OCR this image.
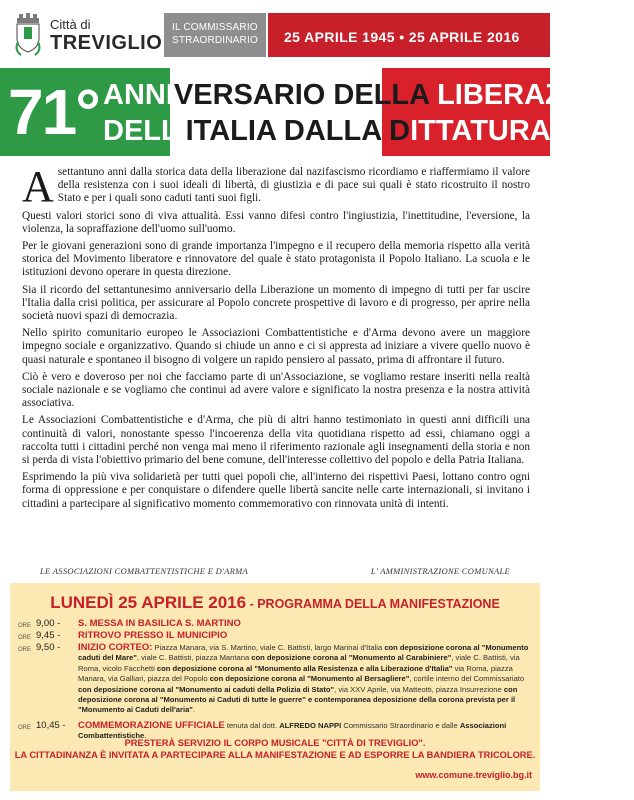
Città di
TREVIGLIO
IL COMMISSARIO
STRAORDINARIO	25 APRILE 1945 • 25 APRILE 2016
71° ANNIVERSARIO DELLA LIBERAZIONE
DELL'ITALIA DALLA DITTATURA

Asettantuno anni dalla storica data della liberazione dal nazifascismo ricordiamo e riaffermiamo il valore della resistenza con i suoi ideali di libertà, di giustizia e di pace sui quali è stato ricostruito il nostro Stato e per i quali sono caduti tanti suoi figli.

Questi valori storici sono di viva attualità. Essi vanno difesi contro l'ingiustizia, l'inettitudine, l'eversione, la violenza, la sopraffazione dell'uomo sull'uomo.

Per le giovani generazioni sono di grande importanza l'impegno e il recupero della memoria rispetto alla verità storica del Movimento liberatore e rinnovatore del quale è stato protagonista il Popolo Italiano. La scuola e le istituzioni devono operare in questa direzione.

Sia il ricordo del settantunesimo anniversario della Liberazione un momento di impegno di tutti per far uscire l'Italia dalla crisi politica, per assicurare al Popolo concrete prospettive di lavoro e di progresso, per aprire nella società nuovi spazi di democrazia.

Nello spirito comunitario europeo le Associazioni Combattentistiche e d'Arma devono avere un maggiore impegno sociale e organizzativo. Quando si chiude un anno e ci si appresta ad iniziare a vivere quello nuovo è quasi naturale e spontaneo il bisogno di volgere un rapido pensiero al passato, prima di affrontare il futuro.

Ciò è vero e doveroso per noi che facciamo parte di un'Associazione, se vogliamo restare inseriti nella realtà sociale nazionale e se vogliamo che continui ad avere valore e significato la nostra presenza e la nostra attività associativa.

Le Associazioni Combattentistiche e d'Arma, che più di altri hanno testimoniato in questi anni difficili una continuità di valori, nonostante spesso l'incoerenza della vita quotidiana rispetto ad essi, chiamano oggi a raccolta tutti i cittadini perché non venga mai meno il riferimento razionale agli insegnamenti della storia e non si perda di vista l'obiettivo primario del bene comune, dell'interesse collettivo del popolo e della Patria Italiana.

Esprimendo la più viva solidarietà per tutti quei popoli che, all'interno dei rispettivi Paesi, lottano contro ogni forma di oppressione e per conquistare o difendere quelle libertà sancite nelle carte internazionali, si invitano i cittadini a partecipare al significativo momento commemorativo con rinnovata unità di intenti.

LE ASSOCIAZIONI COMBATTENTISTICHE E D'ARMA	L' AMMINISTRAZIONE COMUNALE
LUNEDÌ 25 APRILE 2016 - PROGRAMMA DELLA MANIFESTAZIONE
ORE 9,00 - S. MESSA IN BASILICA S. MARTINO
ORE 9,45 - RITROVO PRESSO IL MUNICIPIO
ORE 9,50 - INIZIO CORTEO: Piazza Manara, via S. Martino, viale C. Battisti, largo Marinai d'Italia con deposizione corona al "Monumento caduti del Mare", viale C. Battisti, piazza Mantana con deposizione corona al "Monumento al Carabiniere", viale C. Battisti, via Roma, vicolo Facchetti con deposizione corona al "Monumento alla Resistenza e alla Liberazione d'Italia" via Roma, piazza Manara, via Galliari, piazza del Popolo con deposizione corona al "Monumento al Bersagliere", cortile interno del Commissariato con deposizione corona al "Monumento ai caduti della Polizia di Stato", via XXV Aprile, via Matteotti, piazza Insurrezione con deposizione corona al "Monumento ai Caduti di tutte le guerre" e contemporanea deposizione della corona prevista per il "Monumento ai Caduti dell'aria".
ORE 10,45 - COMMEMORAZIONE UFFICIALE tenuta dal dott. ALFREDO NAPPI Commissario Straordinario e dalle Associazioni Combattentistiche.
PRESTERÀ SERVIZIO IL CORPO MUSICALE "CITTÀ DI TREVIGLIO".
LA CITTADINANZA È INVITATA A PARTECIPARE ALLA MANIFESTAZIONE E AD ESPORRE LA BANDIERA TRICOLORE.
www.comune.treviglio.bg.it
